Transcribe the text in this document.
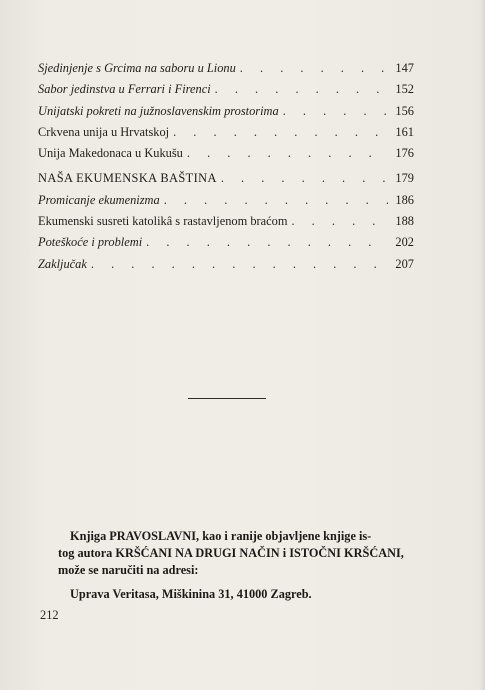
Sjedinjenje s Grcima na saboru u Lionu . . .	147
Sabor jedinstva u Ferrari i Firenci . . .	152
Unijatski pokreti na južnoslavenskim prostorima . . .	156
Crkvena unija u Hrvatskoj . . .	161
Unija Makedonaca u Kukušu . . .	176
NAŠA EKUMENSKA BAŠTINA . . .	179
Promicanje ekumenizma . . .	186
Ekumenski susreti katolikâ s rastavljenom braćom . . .	188
Poteškoće i problemi . . .	202
Zaključak . . .	207
Knjiga PRAVOSLAVNI, kao i ranije objavljene knjige is-
tog autora KRŠĆANI NA DRUGI NAČIN i ISTOČNI KRŠĆANI,
može se naručiti na adresi:
Uprava Veritasa, Miškinina 31, 41000 Zagreb.
212
